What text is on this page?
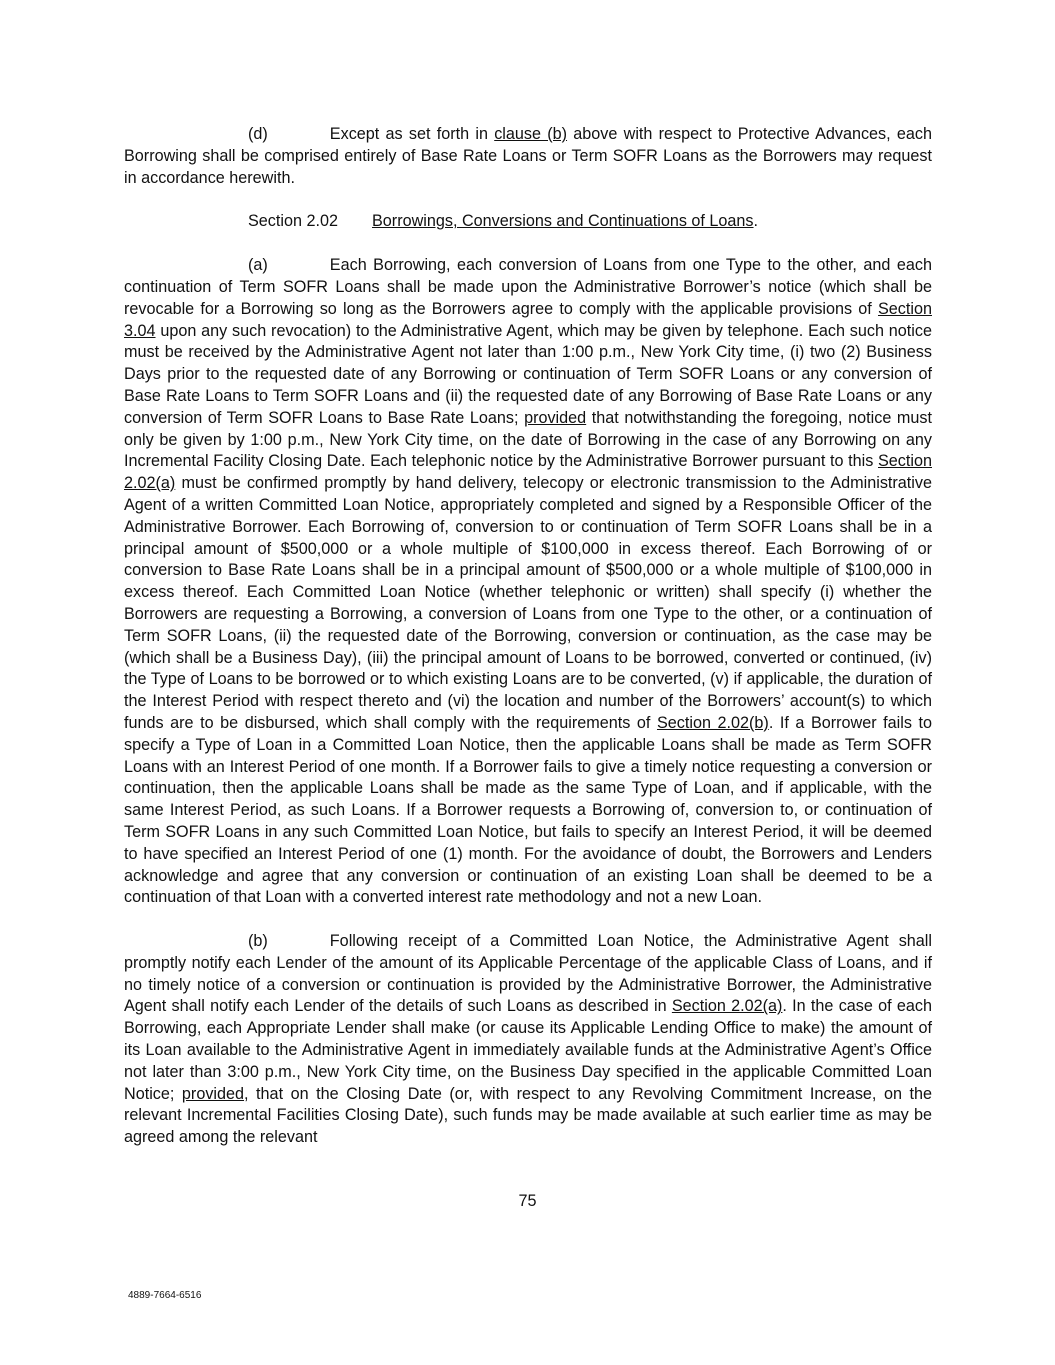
(d)	Except as set forth in clause (b) above with respect to Protective Advances, each Borrowing shall be comprised entirely of Base Rate Loans or Term SOFR Loans as the Borrowers may request in accordance herewith.

Section 2.02 Borrowings, Conversions and Continuations of Loans.

(a)	Each Borrowing, each conversion of Loans from one Type to the other, and each continuation of Term SOFR Loans shall be made upon the Administrative Borrower’s notice (which shall be revocable for a Borrowing so long as the Borrowers agree to comply with the applicable provisions of Section 3.04 upon any such revocation) to the Administrative Agent, which may be given by telephone. Each such notice must be received by the Administrative Agent not later than 1:00 p.m., New York City time, (i) two (2) Business Days prior to the requested date of any Borrowing or continuation of Term SOFR Loans or any conversion of Base Rate Loans to Term SOFR Loans and (ii) the requested date of any Borrowing of Base Rate Loans or any conversion of Term SOFR Loans to Base Rate Loans; provided that notwithstanding the foregoing, notice must only be given by 1:00 p.m., New York City time, on the date of Borrowing in the case of any Borrowing on any Incremental Facility Closing Date. Each telephonic notice by the Administrative Borrower pursuant to this Section 2.02(a) must be confirmed promptly by hand delivery, telecopy or electronic transmission to the Administrative Agent of a written Committed Loan Notice, appropriately completed and signed by a Responsible Officer of the Administrative Borrower. Each Borrowing of, conversion to or continuation of Term SOFR Loans shall be in a principal amount of $500,000 or a whole multiple of $100,000 in excess thereof. Each Borrowing of or conversion to Base Rate Loans shall be in a principal amount of $500,000 or a whole multiple of $100,000 in excess thereof. Each Committed Loan Notice (whether telephonic or written) shall specify (i) whether the Borrowers are requesting a Borrowing, a conversion of Loans from one Type to the other, or a continuation of Term SOFR Loans, (ii) the requested date of the Borrowing, conversion or continuation, as the case may be (which shall be a Business Day), (iii) the principal amount of Loans to be borrowed, converted or continued, (iv) the Type of Loans to be borrowed or to which existing Loans are to be converted, (v) if applicable, the duration of the Interest Period with respect thereto and (vi) the location and number of the Borrowers’ account(s) to which funds are to be disbursed, which shall comply with the requirements of Section 2.02(b). If a Borrower fails to specify a Type of Loan in a Committed Loan Notice, then the applicable Loans shall be made as Term SOFR Loans with an Interest Period of one month. If a Borrower fails to give a timely notice requesting a conversion or continuation, then the applicable Loans shall be made as the same Type of Loan, and if applicable, with the same Interest Period, as such Loans. If a Borrower requests a Borrowing of, conversion to, or continuation of Term SOFR Loans in any such Committed Loan Notice, but fails to specify an Interest Period, it will be deemed to have specified an Interest Period of one (1) month. For the avoidance of doubt, the Borrowers and Lenders acknowledge and agree that any conversion or continuation of an existing Loan shall be deemed to be a continuation of that Loan with a converted interest rate methodology and not a new Loan.

(b)	Following receipt of a Committed Loan Notice, the Administrative Agent shall promptly notify each Lender of the amount of its Applicable Percentage of the applicable Class of Loans, and if no timely notice of a conversion or continuation is provided by the Administrative Borrower, the Administrative Agent shall notify each Lender of the details of such Loans as described in Section 2.02(a). In the case of each Borrowing, each Appropriate Lender shall make (or cause its Applicable Lending Office to make) the amount of its Loan available to the Administrative Agent in immediately available funds at the Administrative Agent’s Office not later than 3:00 p.m., New York City time, on the Business Day specified in the applicable Committed Loan Notice; provided, that on the Closing Date (or, with respect to any Revolving Commitment Increase, on the relevant Incremental Facilities Closing Date), such funds may be made available at such earlier time as may be agreed among the relevant

75
4889-7664-6516
